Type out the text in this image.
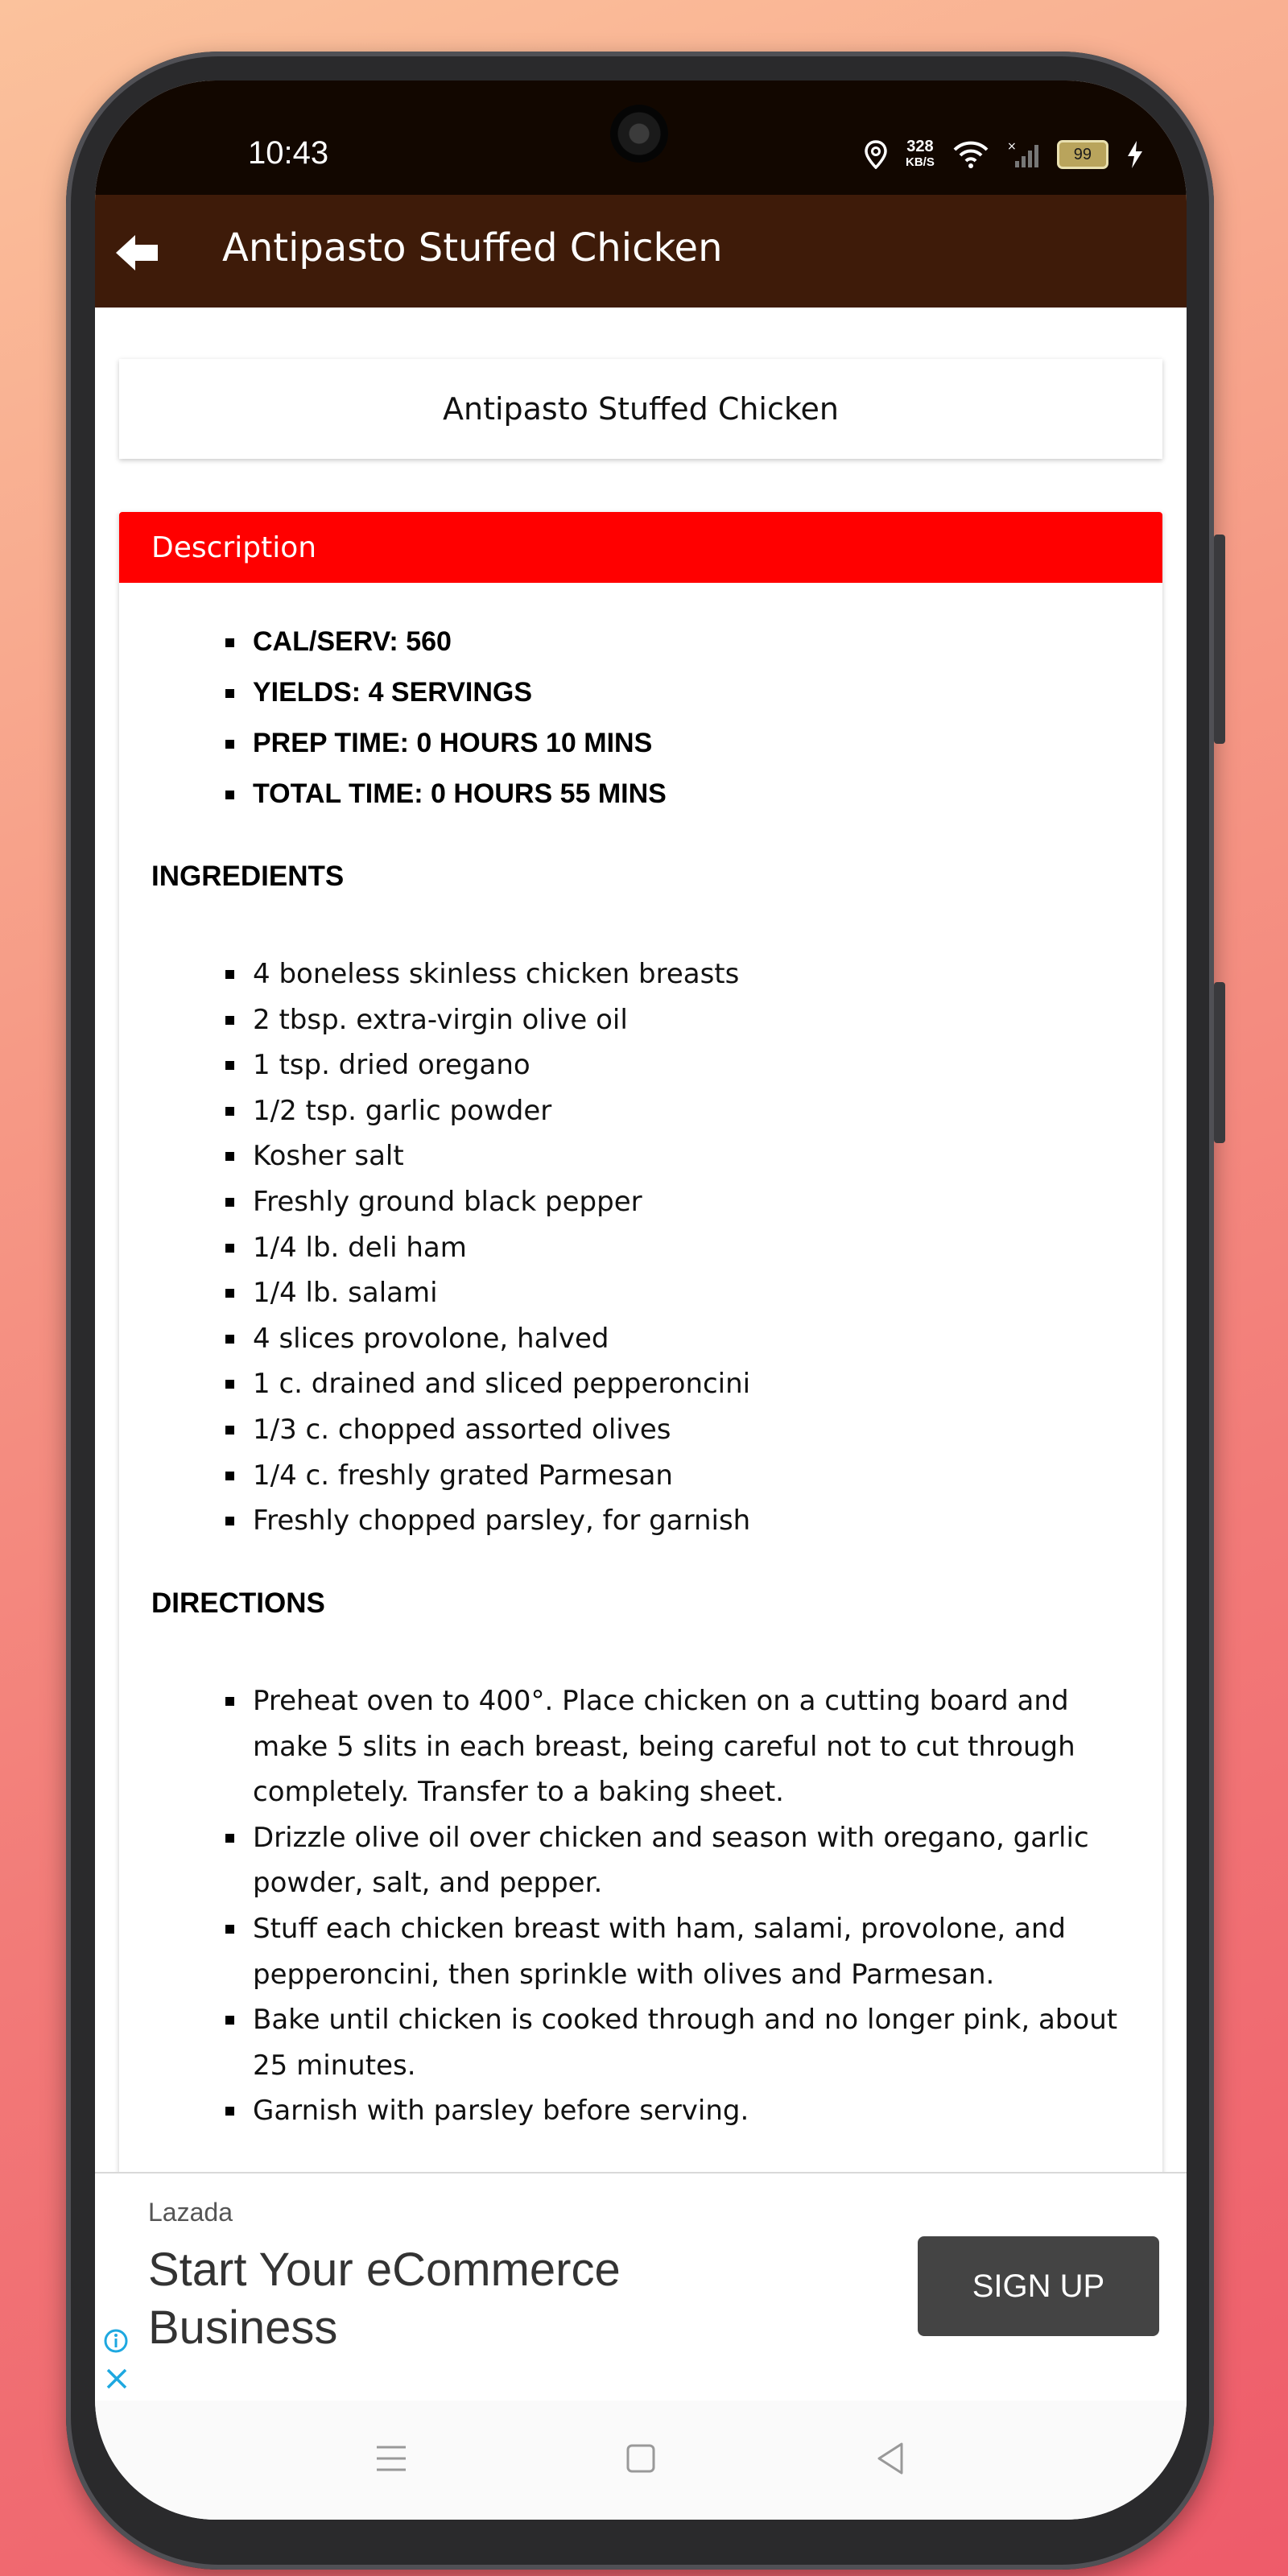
10:43	328
KB/S
×	99
Antipasto Stuffed Chicken
Antipasto Stuffed Chicken
Description
CAL/SERV: 560
YIELDS: 4 SERVINGS
PREP TIME: 0 HOURS 10 MINS
TOTAL TIME: 0 HOURS 55 MINS
INGREDIENTS
4 boneless skinless chicken breasts
2 tbsp. extra-virgin olive oil
1 tsp. dried oregano
1/2 tsp. garlic powder
Kosher salt
Freshly ground black pepper
1/4 lb. deli ham
1/4 lb. salami
4 slices provolone, halved
1 c. drained and sliced pepperoncini
1/3 c. chopped assorted olives
1/4 c. freshly grated Parmesan
Freshly chopped parsley, for garnish
DIRECTIONS
Preheat oven to 400°. Place chicken on a cutting board and make 5 slits in each breast, being careful not to cut through completely. Transfer to a baking sheet.
Drizzle olive oil over chicken and season with oregano, garlic powder, salt, and pepper.
Stuff each chicken breast with ham, salami, provolone, and pepperoncini, then sprinkle with olives and Parmesan.
Bake until chicken is cooked through and no longer pink, about 25 minutes.
Garnish with parsley before serving.
Lazada
Start Your eCommerce Business
SIGN UP
